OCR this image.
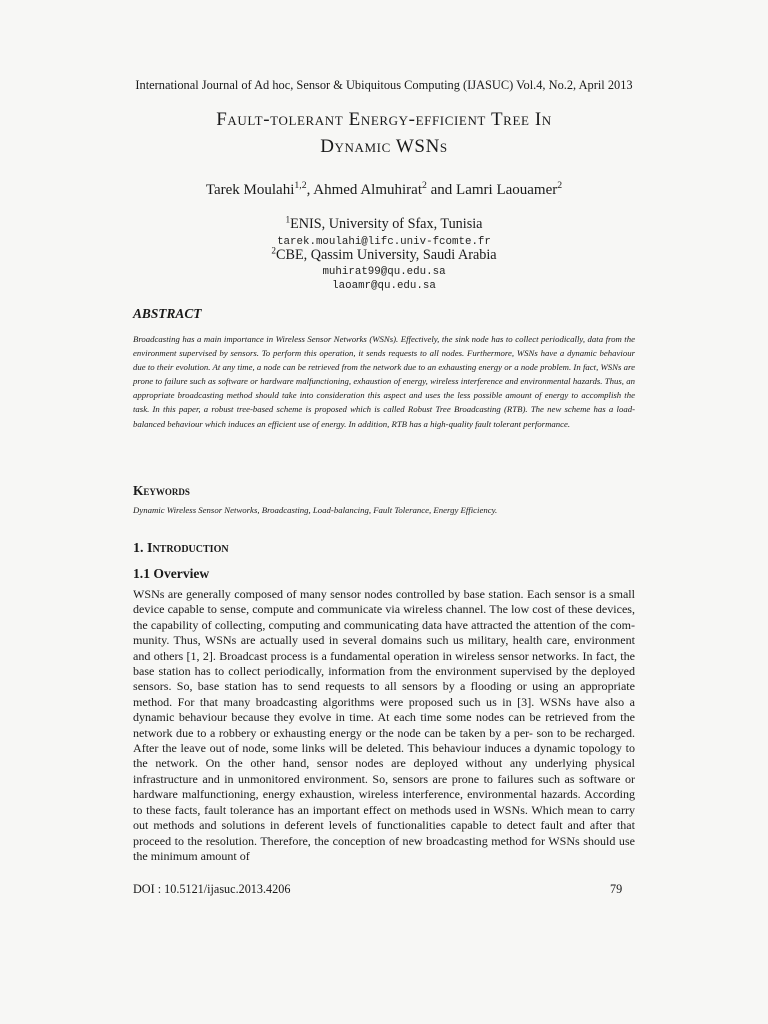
International Journal of Ad hoc, Sensor & Ubiquitous Computing (IJASUC) Vol.4, No.2, April 2013
Fault-tolerant Energy-efficient Tree In
Dynamic WSNs
Tarek Moulahi$^{1,2}$, Ahmed Almuhirat$^2$ and Lamri Laouamer$^2$
$^1$ENIS, University of Sfax, Tunisia
tarek.moulahi@lifc.univ-fcomte.fr
$^2$CBE, Qassim University, Saudi Arabia
muhirat99@qu.edu.sa
laoamr@qu.edu.sa
ABSTRACT
Broadcasting has a main importance in Wireless Sensor Networks (WSNs). Effectively, the sink node has to collect periodically, data from the environment supervised by sensors. To perform this operation, it sends requests to all nodes. Furthermore, WSNs have a dynamic behaviour due to their evolution. At any time, a node can be retrieved from the network due to an exhausting energy or a node problem. In fact, WSNs are prone to failure such as software or hardware malfunctioning, exhaustion of energy, wireless interference and environmental hazards. Thus, an appropriate broadcasting method should take into consideration this aspect and uses the less possible amount of energy to accomplish the task. In this paper, a robust tree-based scheme is proposed which is called Robust Tree Broadcasting (RTB). The new scheme has a load-balanced behaviour which induces an efficient use of energy. In addition, RTB has a high-quality fault tolerant performance.
Keywords
Dynamic Wireless Sensor Networks, Broadcasting, Load-balancing, Fault Tolerance, Energy Efficiency.
1. Introduction
1.1 Overview
WSNs are generally composed of many sensor nodes controlled by base station. Each sensor is a small device capable to sense, compute and communicate via wireless channel. The low cost of these devices, the capability of collecting, computing and communicating data have attracted the attention of the com- munity. Thus, WSNs are actually used in several domains such us military, health care, environment and others [1, 2]. Broadcast process is a fundamental operation in wireless sensor networks. In fact, the base station has to collect periodically, information from the environment supervised by the deployed sensors. So, base station has to send requests to all sensors by a flooding or using an appropriate method. For that many broadcasting algorithms were proposed such us in [3]. WSNs have also a dynamic behaviour because they evolve in time. At each time some nodes can be retrieved from the network due to a robbery or exhausting energy or the node can be taken by a per- son to be recharged. After the leave out of node, some links will be deleted. This behaviour induces a dynamic topology to the network. On the other hand, sensor nodes are deployed without any underlying physical infrastructure and in unmonitored environment. So, sensors are prone to failures such as software or hardware malfunctioning, energy exhaustion, wireless interference, environmental hazards. According to these facts, fault tolerance has an important effect on methods used in WSNs. Which mean to carry out methods and solutions in deferent levels of functionalities capable to detect fault and after that proceed to the resolution. Therefore, the conception of new broadcasting method for WSNs should use the minimum amount of
DOI : 10.5121/ijasuc.2013.4206	79
